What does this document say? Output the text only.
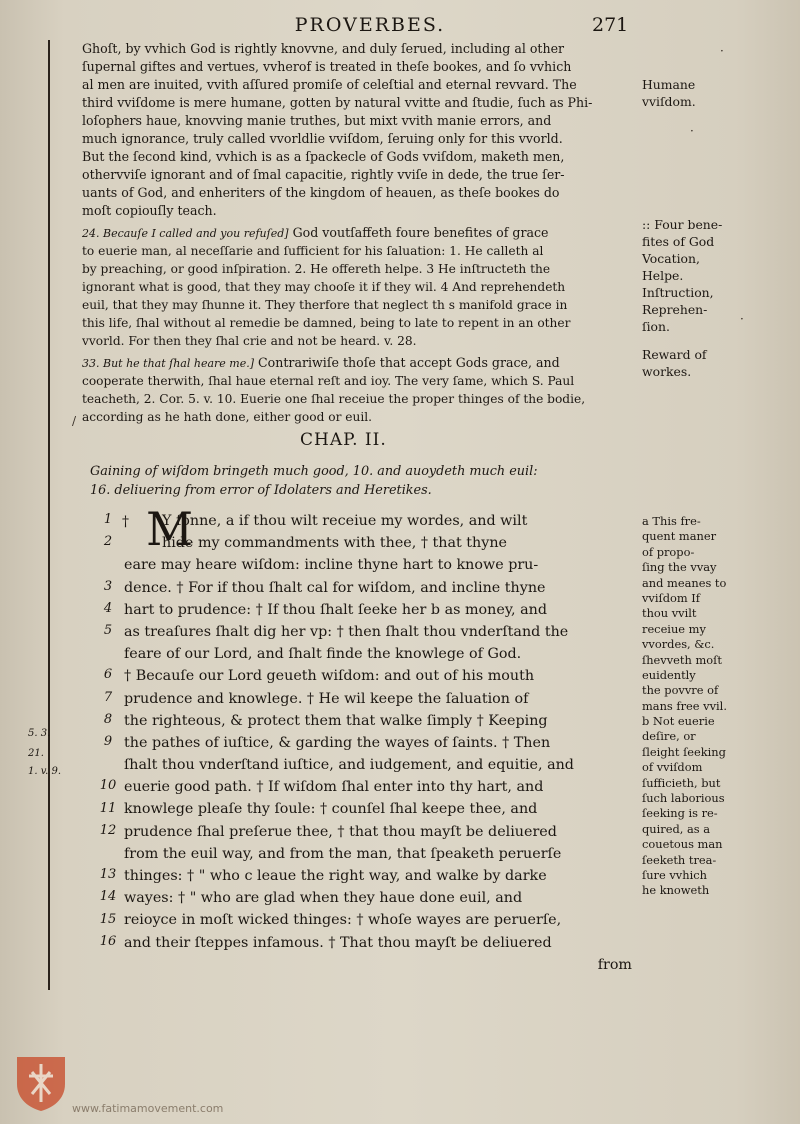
PROVERBES.	271
Ghoſt, by vvhich God is rightly knovvne, and duly ſerued, including al other
ſupernal giftes and vertues, vvherof is treated in theſe bookes, and ſo vvhich
al men are inuited, vvith aſſured promiſe of celeſtial and eternal revvard. The
third vviſdome is mere humane, gotten by natural vvitte and ſtudie, ſuch as Phi-
loſophers haue, knovving manie truthes, but mixt vvith manie errors, and
much ignorance, truly called vvorldlie vviſdom, ſeruing only for this vvorld.
But the ſecond kind, vvhich is as a ſpackecle of Gods vviſdom, maketh men,
othervviſe ignorant and of ſmal capacitie, rightly vviſe in dede, the true ſer-
uants of God, and enheriters of the kingdom of heauen, as theſe bookes do
moſt copiouſly teach.
24. Becauſe I called and you refuſed] God voutſaffeth foure benefites of grace
to euerie man, al neceſſarie and ſufficient for his ſaluation: 1. He calleth al
by preaching, or good inſpiration. 2. He offereth helpe. 3 He inſtructeth the
ignorant what is good, that they may chooſe it if they wil. 4 And reprehendeth
euil, that they may ſhunne it. They therfore that neglect th s manifold grace in
this life, ſhal without al remedie be damned, being to late to repent in an other
vvorld. For then they ſhal crie and not be heard. v. 28.
33. But he that ſhal heare me.] Contrariwiſe thoſe that accept Gods grace, and
cooperate therwith, ſhal haue eternal reſt and ioy. The very ſame, which S. Paul
teacheth, 2. Cor. 5. v. 10. Euerie one ſhal receiue the proper thinges of the bodie,
according as he hath done, either good or euil.
Humane
vviſdom.
:: Four bene-
fites of God
Vocation,
Helpe.
Inſtruction,
Reprehen-
ſion.
Reward of
workes.
/
·
·
·
CHAP. II.
Gaining of wiſdom bringeth much good, 10. and auoydeth much euil:
16. deliuering from error of Idolaters and Heretikes.
† M
1
2
3
4
5
6
7
8
9
10
11
12
13
14
15
16
Y ſonne, a if thou wilt receiue my wordes, and wilt
hide my commandments with thee, † that thyne
eare may heare wiſdom: incline thyne hart to knowe pru-
dence. † For if thou ſhalt cal for wiſdom, and incline thyne
hart to prudence: † If thou ſhalt ſeeke her b as money, and
as treaſures ſhalt dig her vp: † then ſhalt thou vnderſtand the
feare of our Lord, and ſhalt finde the knowlege of God.
† Becauſe our Lord geueth wiſdom: and out of his mouth
prudence and knowlege. † He wil keepe the ſaluation of
the righteous, & protect them that walke ſimply † Keeping
the pathes of iuſtice, & garding the wayes of ſaints. † Then
ſhalt thou vnderſtand iuſtice, and iudgement, and equitie, and
euerie good path. † If wiſdom ſhal enter into thy hart, and
knowlege pleaſe thy ſoule: † counſel ſhal keepe thee, and
prudence ſhal preſerue thee, † that thou mayſt be deliuered
from the euil way, and from the man, that ſpeaketh peruerſe
thinges: † " who c leaue the right way, and walke by darke
wayes: † " who are glad when they haue done euil, and
reioyce in moſt wicked thinges: † whoſe wayes are peruerſe,
and their ſteppes infamous. † That thou mayſt be deliuered
from
5. 3.
21.
1. v. 9.
a This fre-
quent maner
of propo-
ſing the vvay
and meanes to
vviſdom If
thou vvilt
receiue my
vvordes, &c.
ſhevveth moſt
euidently
the povvre of
mans free vvil.
b Not euerie
deſire, or
ſleight ſeeking
of vviſdom
ſufficieth, but
ſuch laborious
ſeeking is re-
quired, as a
couetous man
ſeeketh trea-
ſure vvhich
he knoweth
www.fatimamovement.com
